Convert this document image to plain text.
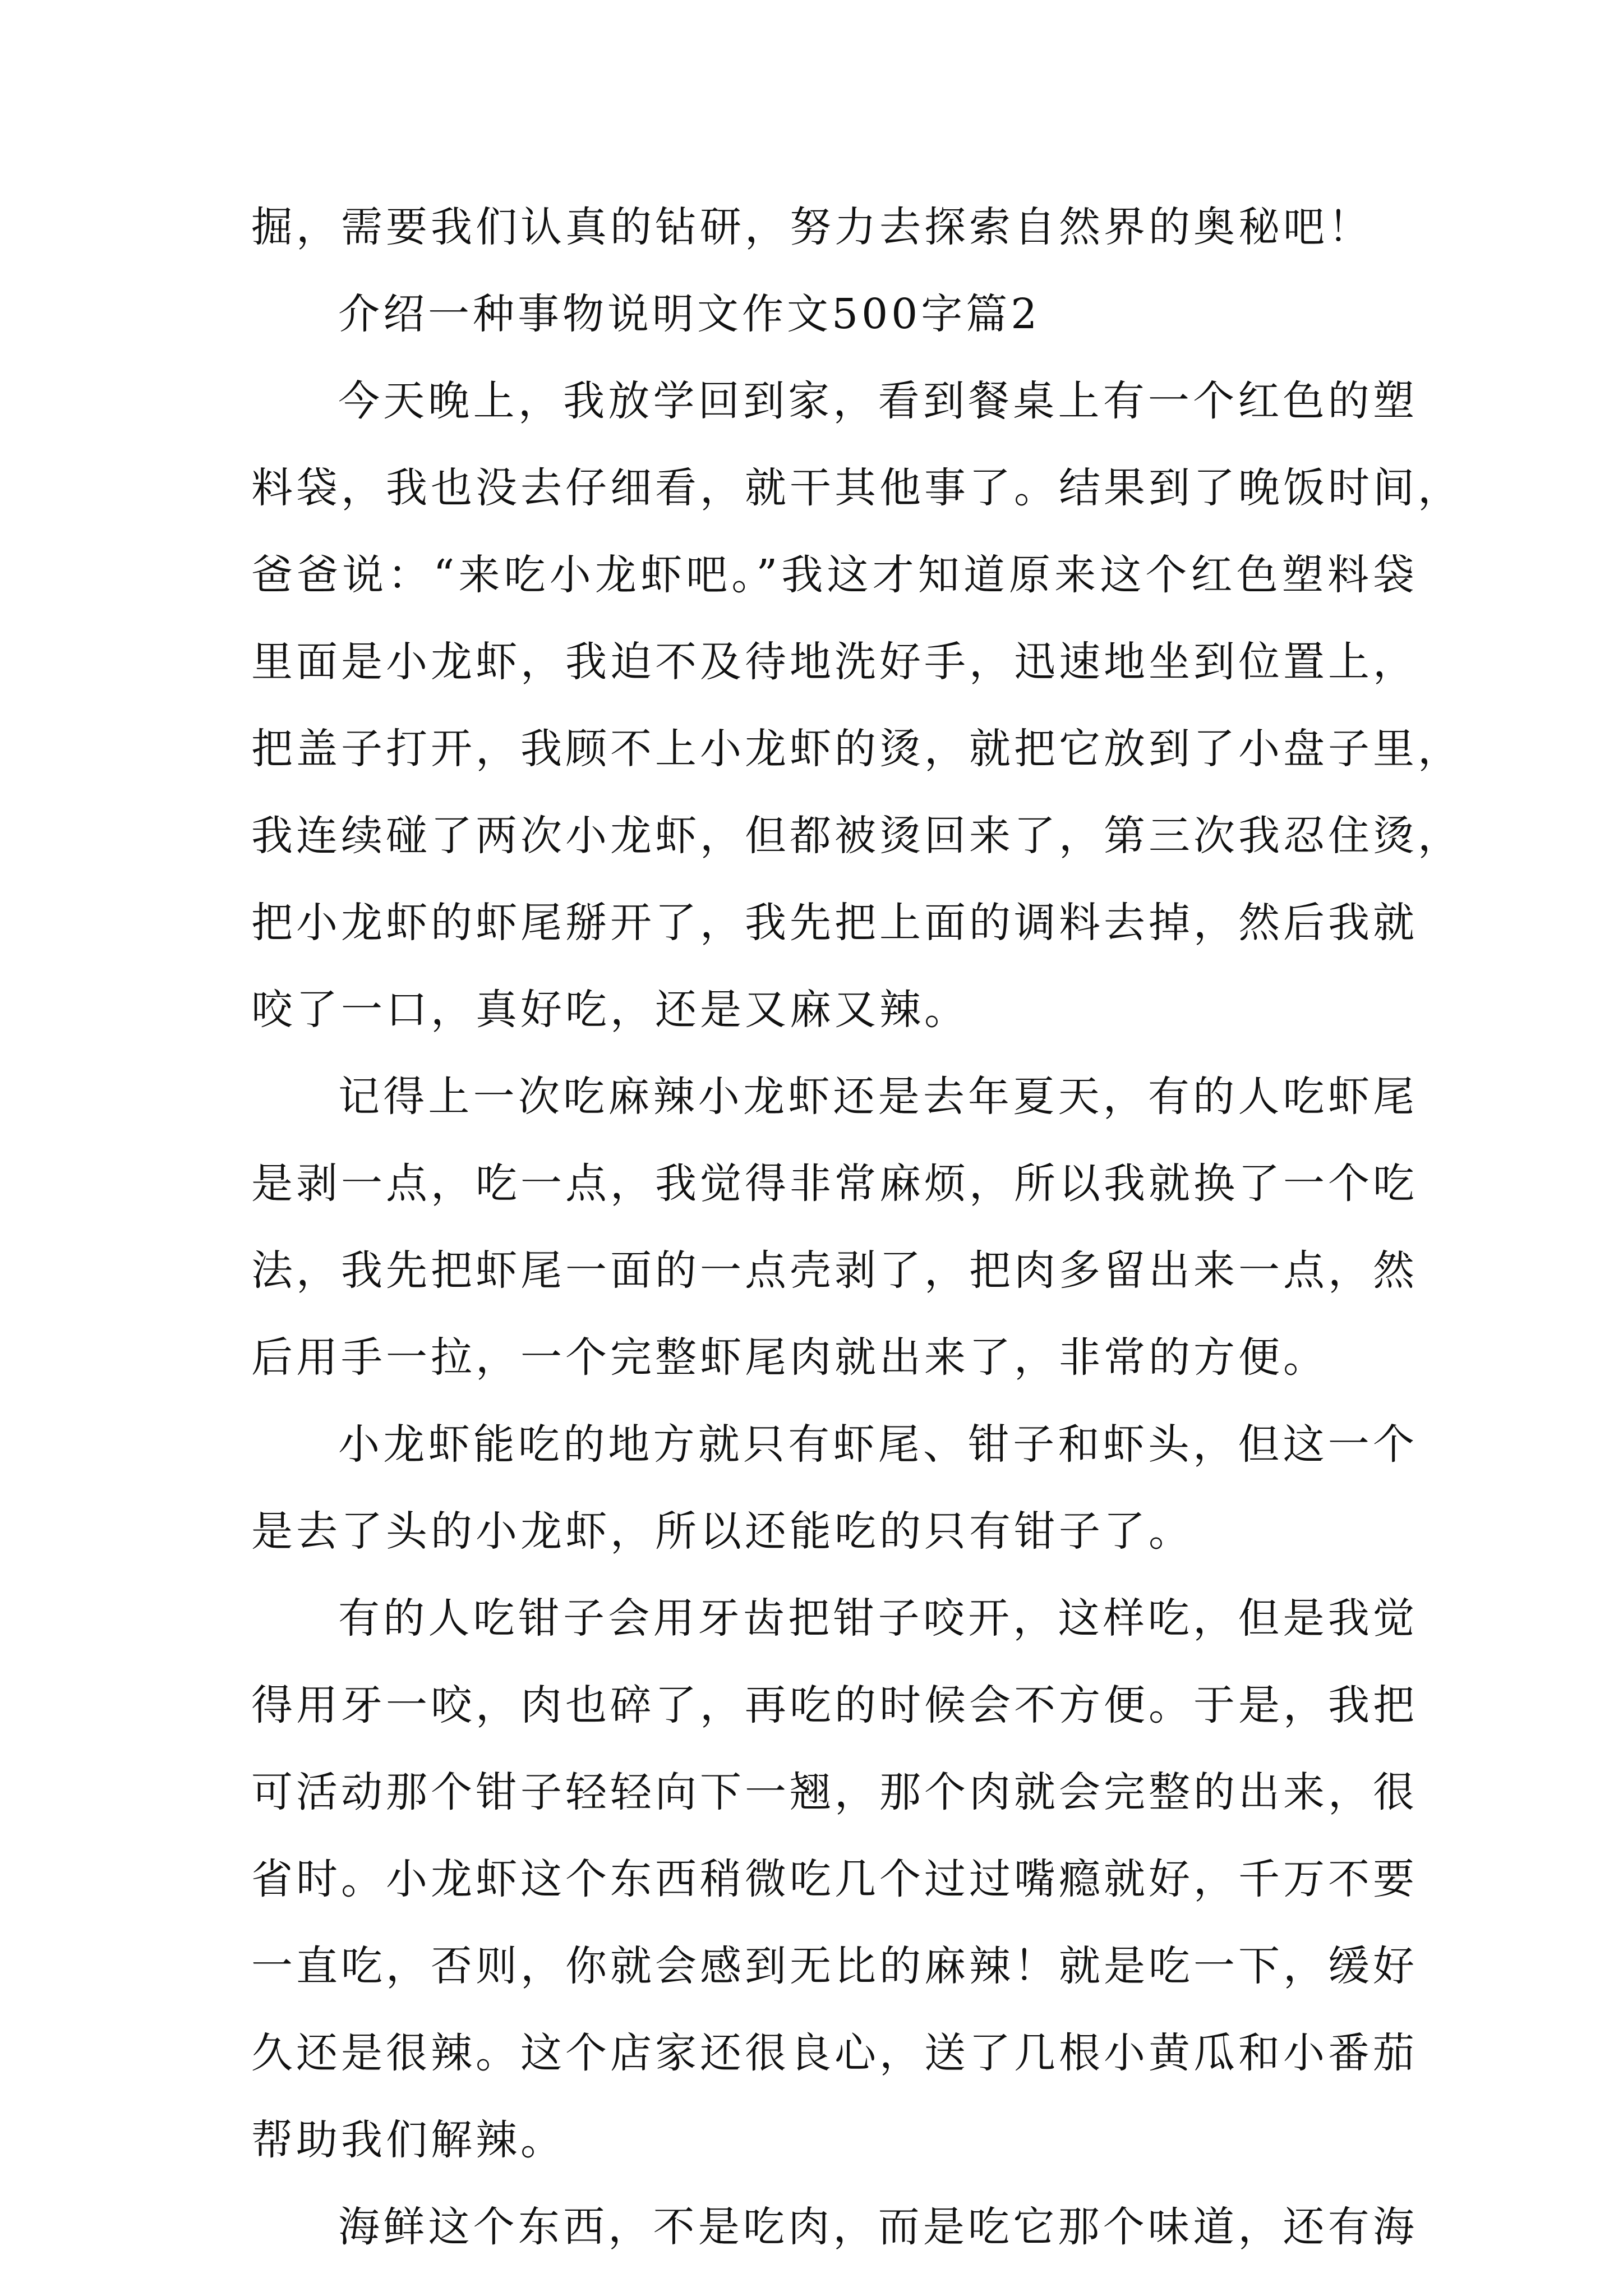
掘，需要我们认真的钻研，努力去探索自然界的奥秘吧！
介绍一种事物说明文作文500字篇2
今天晚上，我放学回到家，看到餐桌上有一个红色的塑
料袋，我也没去仔细看，就干其他事了。结果到了晚饭时间，
爸爸说：“来吃小龙虾吧。”我这才知道原来这个红色塑料袋
里面是小龙虾，我迫不及待地洗好手，迅速地坐到位置上，
把盖子打开，我顾不上小龙虾的烫，就把它放到了小盘子里，
我连续碰了两次小龙虾，但都被烫回来了，第三次我忍住烫，
把小龙虾的虾尾掰开了，我先把上面的调料去掉，然后我就
咬了一口，真好吃，还是又麻又辣。
记得上一次吃麻辣小龙虾还是去年夏天，有的人吃虾尾
是剥一点，吃一点，我觉得非常麻烦，所以我就换了一个吃
法，我先把虾尾一面的一点壳剥了，把肉多留出来一点，然
后用手一拉，一个完整虾尾肉就出来了，非常的方便。
小龙虾能吃的地方就只有虾尾、钳子和虾头，但这一个
是去了头的小龙虾，所以还能吃的只有钳子了。
有的人吃钳子会用牙齿把钳子咬开，这样吃，但是我觉
得用牙一咬，肉也碎了，再吃的时候会不方便。于是，我把
可活动那个钳子轻轻向下一翘，那个肉就会完整的出来，很
省时。小龙虾这个东西稍微吃几个过过嘴瘾就好，千万不要
一直吃，否则，你就会感到无比的麻辣！就是吃一下，缓好
久还是很辣。这个店家还很良心，送了几根小黄瓜和小番茄
帮助我们解辣。
海鲜这个东西，不是吃肉，而是吃它那个味道，还有海
